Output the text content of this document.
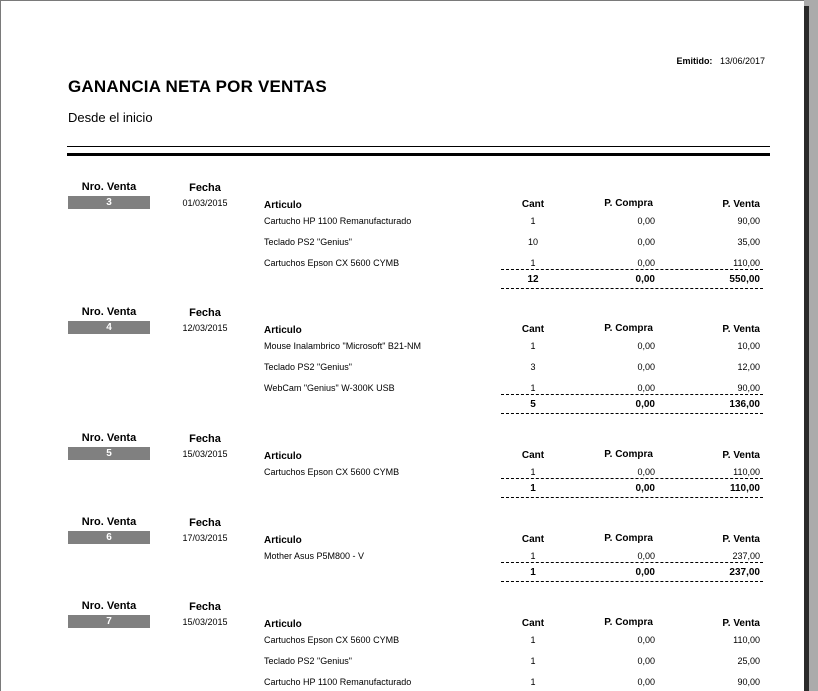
Emitido: 13/06/2017
GANANCIA NETA POR VENTAS
Desde el inicio
Nro. Venta
3
Fecha
01/03/2015	Articulo	Cant	P. Compra	P. Venta
Cartucho HP 1100 Remanufacturado	1	0,00	90,00
Teclado PS2 "Genius"	10	0,00	35,00
Cartuchos Epson CX 5600 CYMB	1	0,00	110,00
12	0,00	550,00
Nro. Venta
4
Fecha
12/03/2015	Articulo	Cant	P. Compra	P. Venta
Mouse Inalambrico "Microsoft" B21-NM	1	0,00	10,00
Teclado PS2 "Genius"	3	0,00	12,00
WebCam "Genius" W-300K USB	1	0,00	90,00
5	0,00	136,00
Nro. Venta
5
Fecha
15/03/2015	Articulo	Cant	P. Compra	P. Venta
Cartuchos Epson CX 5600 CYMB	1	0,00	110,00
1	0,00	110,00
Nro. Venta
6
Fecha
17/03/2015	Articulo	Cant	P. Compra	P. Venta
Mother Asus P5M800 - V	1	0,00	237,00
1	0,00	237,00
Nro. Venta
7
Fecha
15/03/2015	Articulo	Cant	P. Compra	P. Venta
Cartuchos Epson CX 5600 CYMB	1	0,00	110,00
Teclado PS2 "Genius"	1	0,00	25,00
Cartucho HP 1100 Remanufacturado	1	0,00	90,00
